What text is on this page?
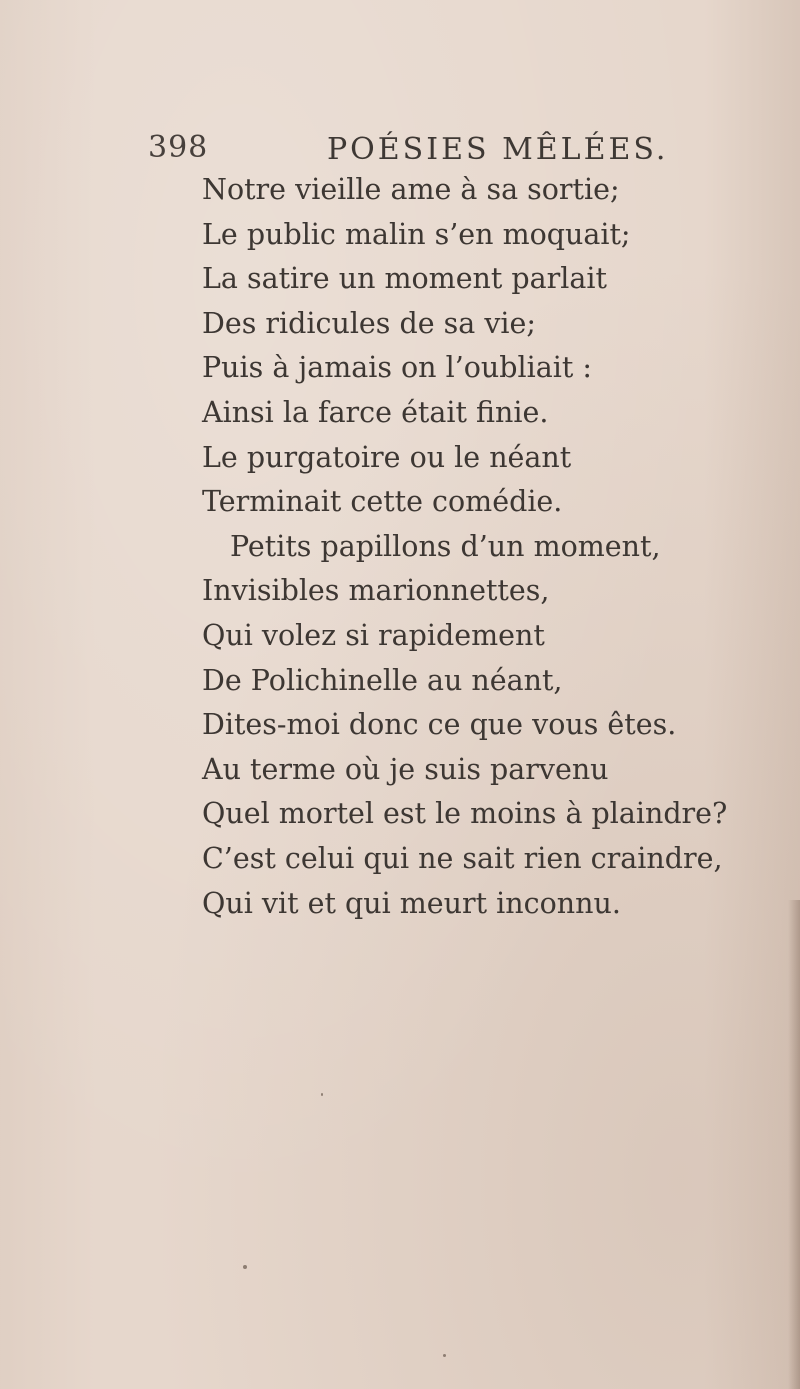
398	POÉSIES MÊLÉES.
Notre vieille ame à sa sortie;
Le public malin s’en moquait;
La satire un moment parlait
Des ridicules de sa vie;
Puis à jamais on l’oubliait :
Ainsi la farce était finie.
Le purgatoire ou le néant
Terminait cette comédie.
Petits papillons d’un moment,
Invisibles marionnettes,
Qui volez si rapidement
De Polichinelle au néant,
Dites-moi donc ce que vous êtes.
Au terme où je suis parvenu
Quel mortel est le moins à plaindre?
C’est celui qui ne sait rien craindre,
Qui vit et qui meurt inconnu.
